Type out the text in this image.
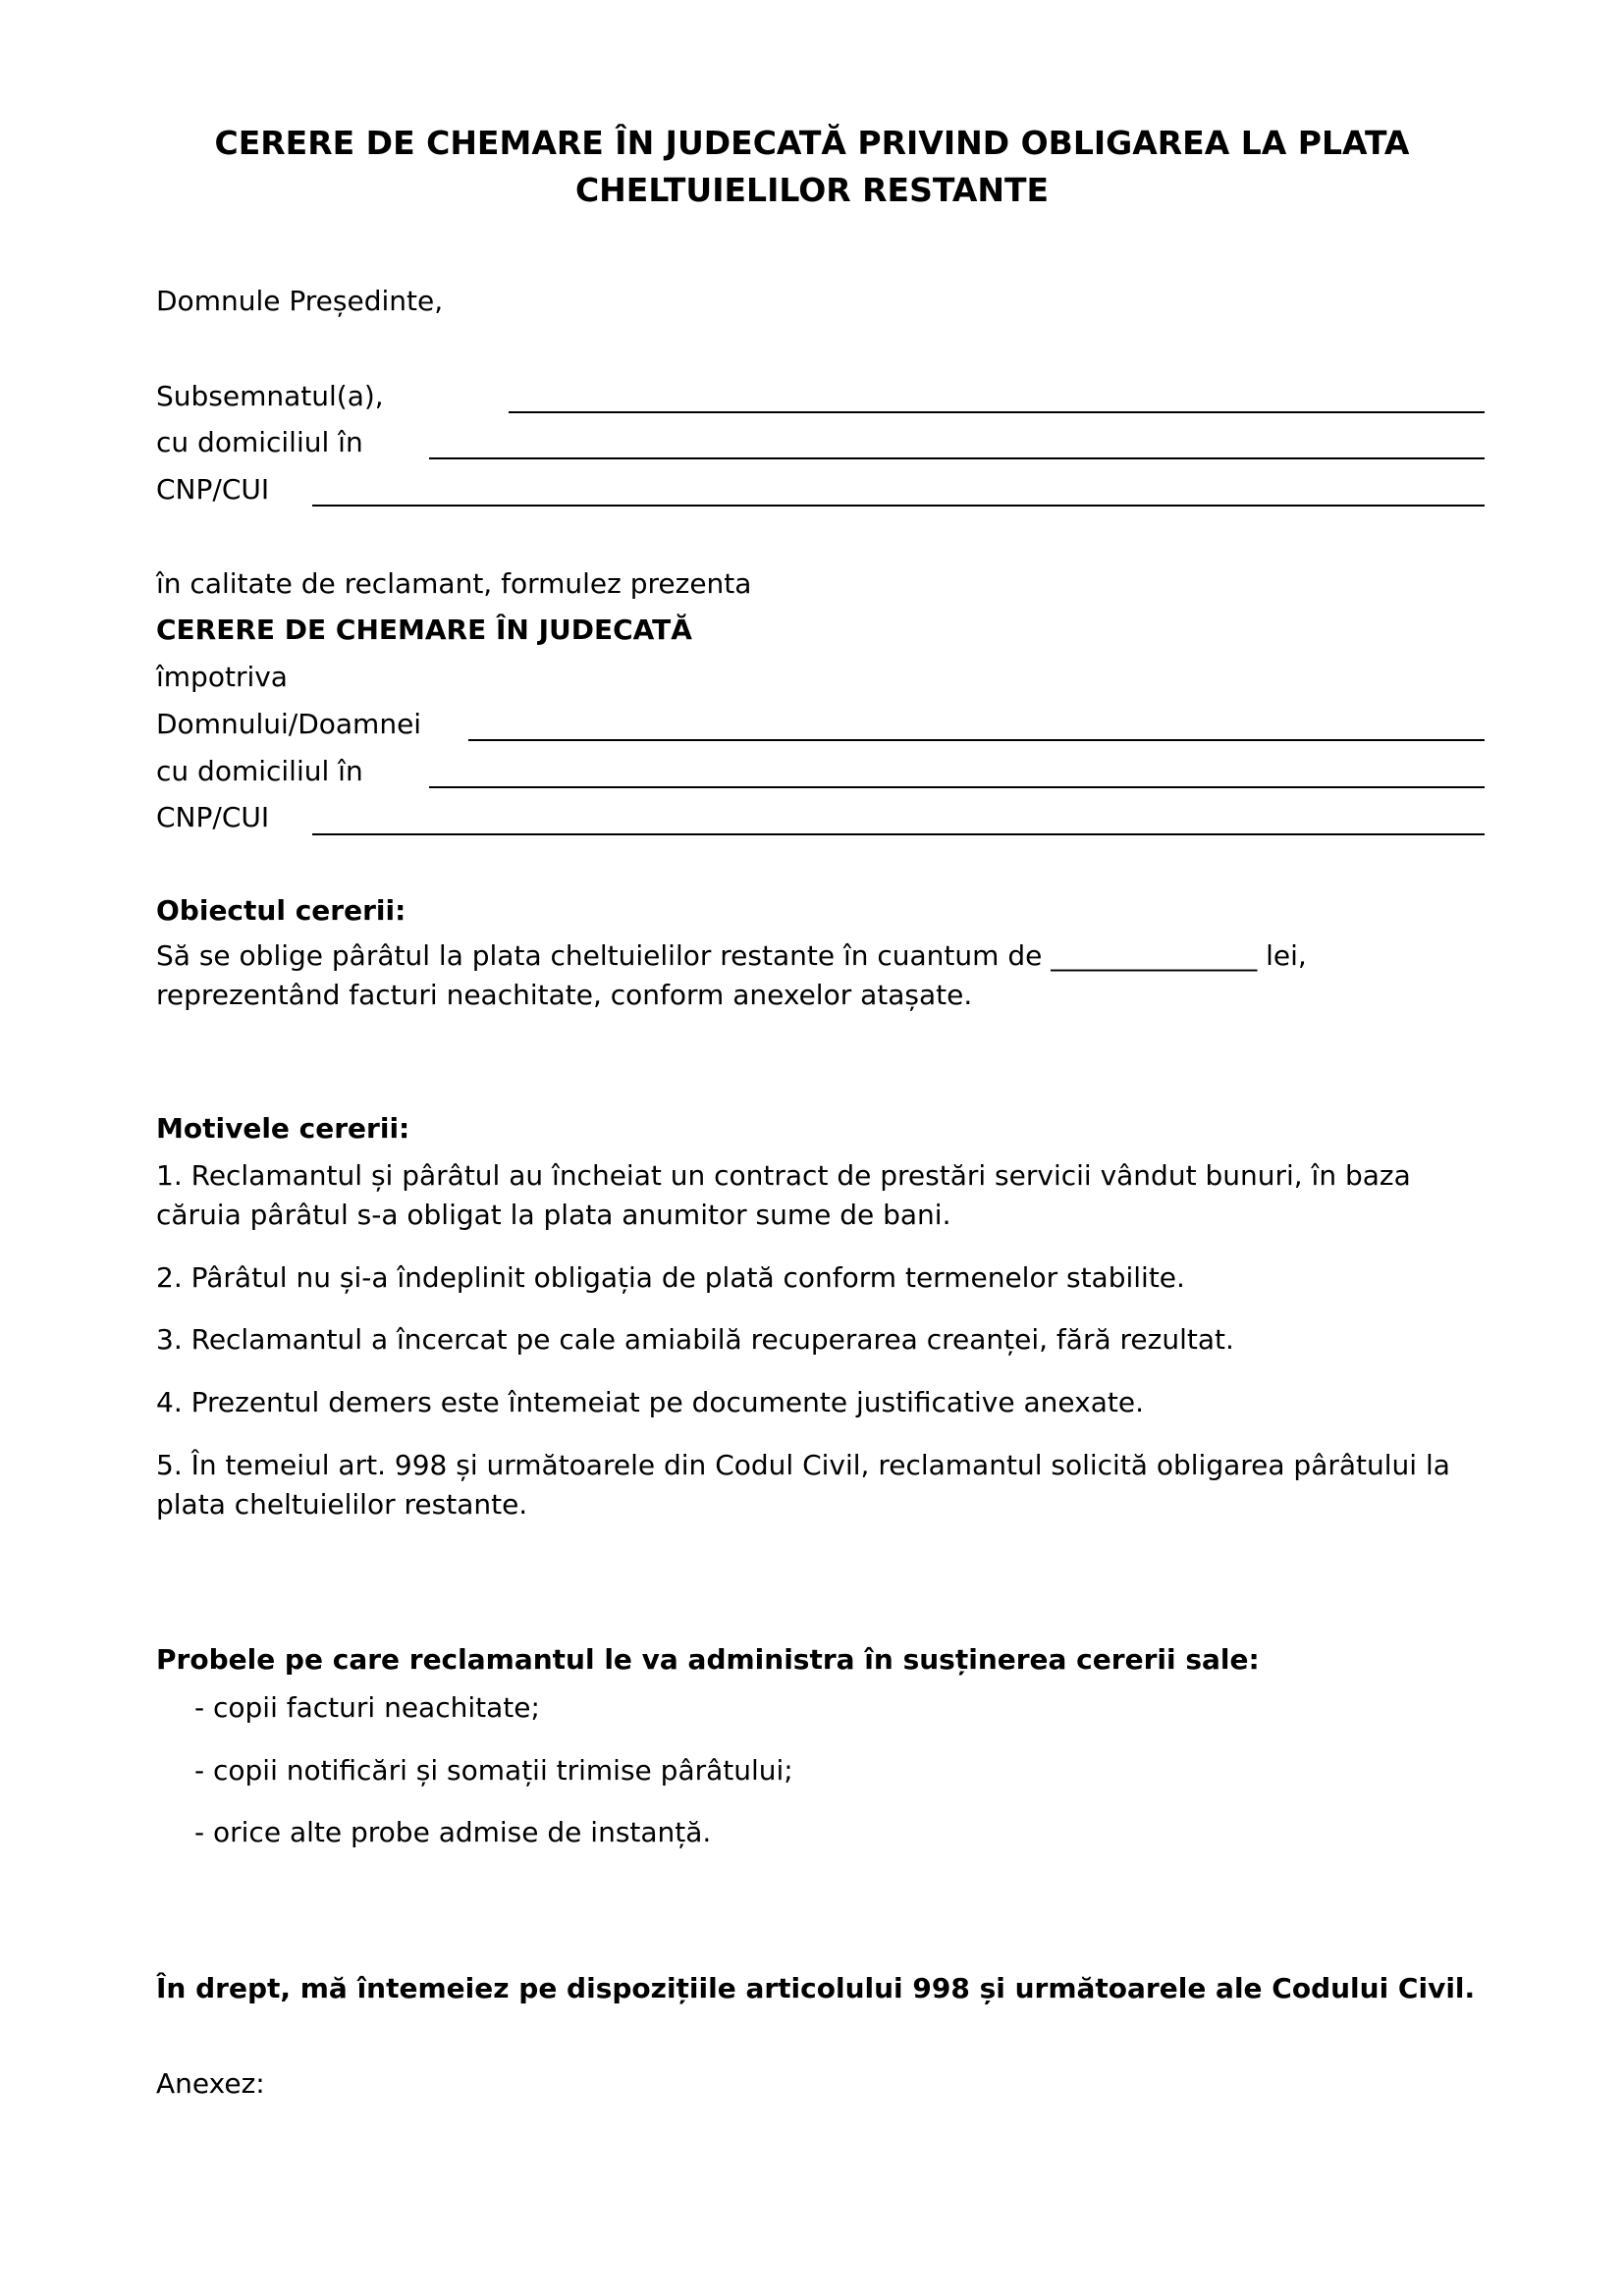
CERERE DE CHEMARE ÎN JUDECATĂ PRIVIND OBLIGAREA LA PLATA CHELTUIELILOR RESTANTE
Domnule Președinte,
Subsemnatul(a),
cu domiciliul în
CNP/CUI
în calitate de reclamant, formulez prezenta
CERERE DE CHEMARE ÎN JUDECATĂ
împotriva
Domnului/Doamnei
cu domiciliul în
CNP/CUI
Obiectul cererii:
Să se oblige pârâtul la plata cheltuielilor restante în cuantum de _______________ lei, reprezentând facturi neachitate, conform anexelor atașate.
Motivele cererii:
1. Reclamantul și pârâtul au încheiat un contract de prestări servicii vândut bunuri, în baza căruia pârâtul s-a obligat la plata anumitor sume de bani.
2. Pârâtul nu și-a îndeplinit obligația de plată conform termenelor stabilite.
3. Reclamantul a încercat pe cale amiabilă recuperarea creanței, fără rezultat.
4. Prezentul demers este întemeiat pe documente justificative anexate.
5. În temeiul art. 998 și următoarele din Codul Civil, reclamantul solicită obligarea pârâtului la plata cheltuielilor restante.
Probele pe care reclamantul le va administra în susținerea cererii sale:
- copii facturi neachitate;
- copii notificări și somații trimise pârâtului;
- orice alte probe admise de instanță.
În drept, mă întemeiez pe dispozițiile articolului 998 și următoarele ale Codului Civil.
Anexez:
